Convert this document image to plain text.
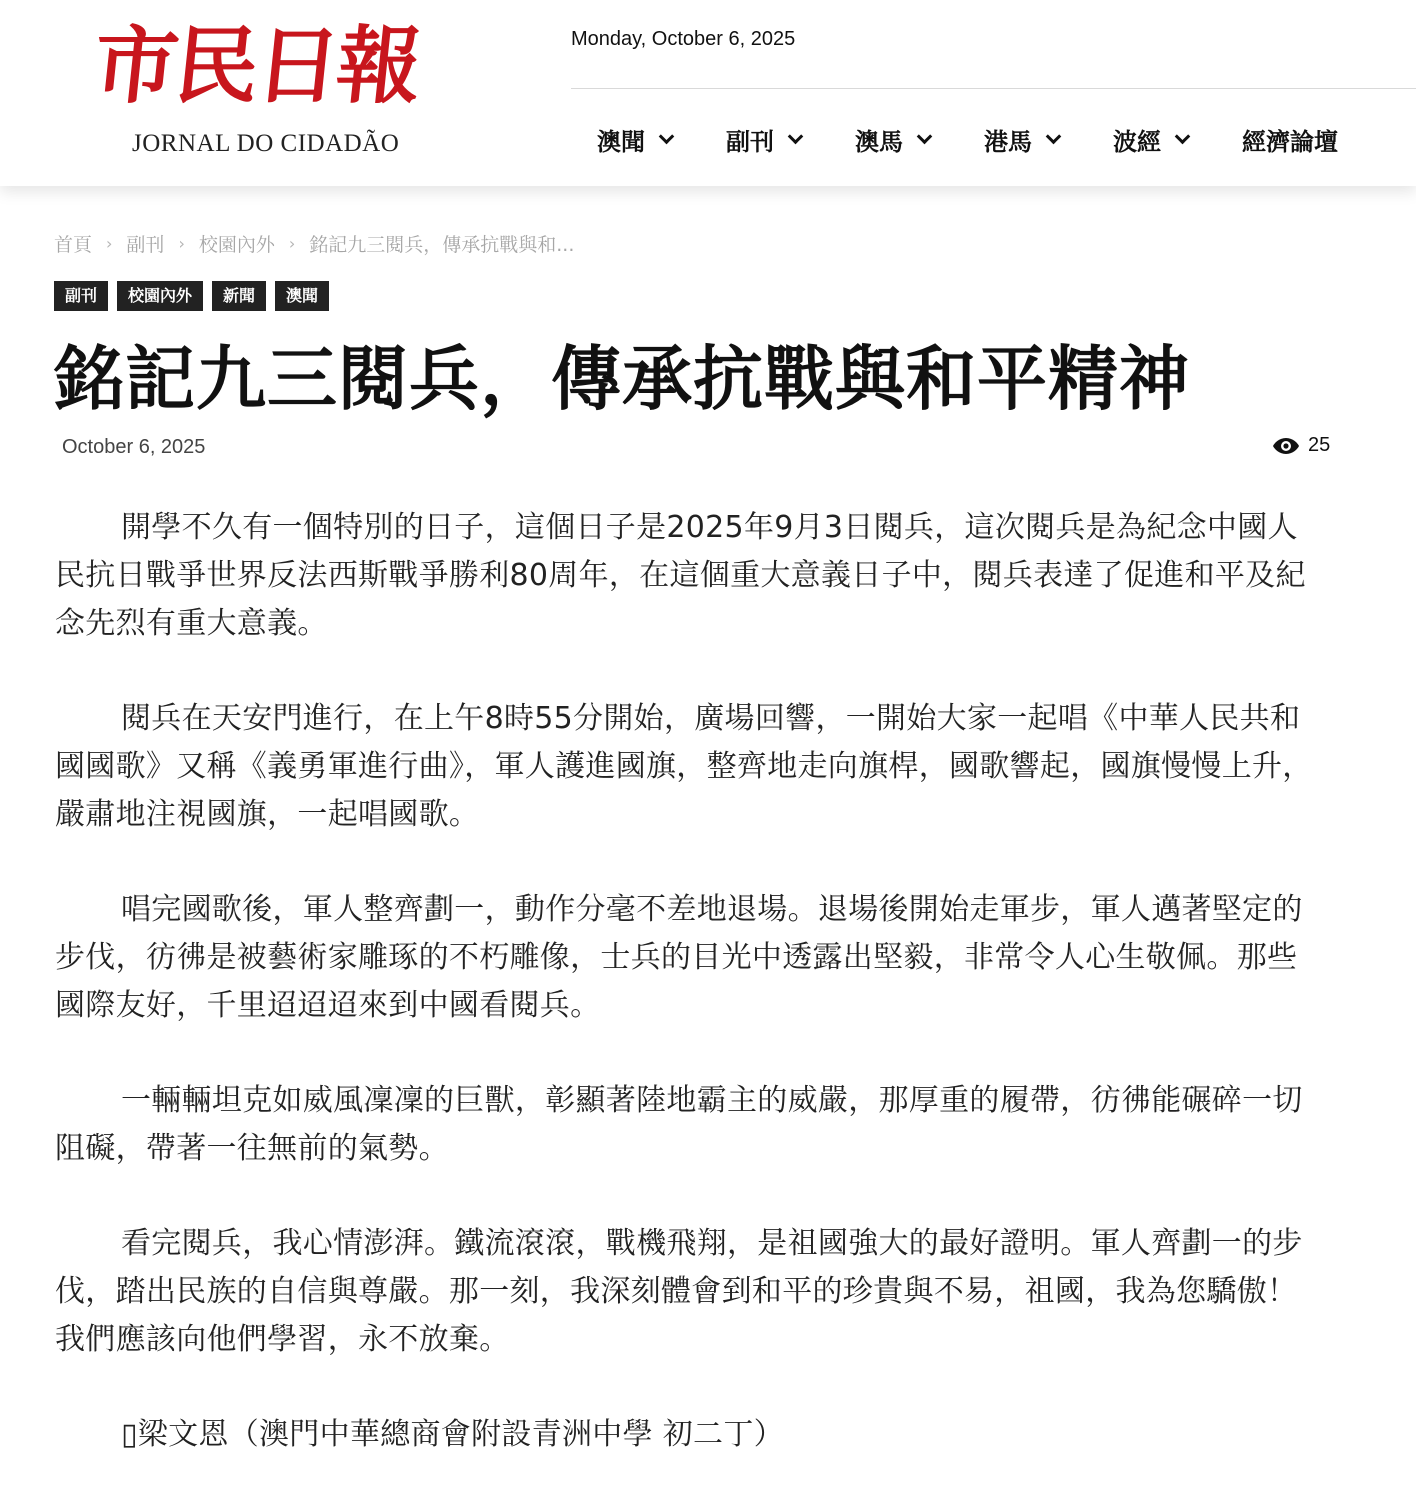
市民日報
JORNAL DO CIDADÃO
Monday, October 6, 2025
澳聞	副刊	澳馬	港馬	波經	經濟論壇
首頁 › 副刊 › 校園內外 › 銘記九三閱兵，傳承抗戰與和...
副刊	校園內外	新聞	澳聞
銘記九三閱兵，傳承抗戰與和平精神
October 6, 2025	25

開學不久有一個特別的日子，這個日子是2025年9月3日閱兵，這次閱兵是為紀念中國人民抗日戰爭世界反法西斯戰爭勝利80周年，在這個重大意義日子中，閱兵表達了促進和平及紀念先烈有重大意義。

閱兵在天安門進行，在上午8時55分開始，廣場回響，一開始大家一起唱《中華人民共和國國歌》又稱《義勇軍進行曲》，軍人護進國旗，整齊地走向旗桿，國歌響起，國旗慢慢上升，嚴肅地注視國旗，一起唱國歌。

唱完國歌後，軍人整齊劃一，動作分毫不差地退場。退場後開始走軍步，軍人邁著堅定的步伐，彷彿是被藝術家雕琢的不朽雕像，士兵的目光中透露出堅毅，非常令人心生敬佩。那些國際友好，千里迢迢迢來到中國看閱兵。

一輛輛坦克如威風凜凜的巨獸，彰顯著陸地霸主的威嚴，那厚重的履帶，彷彿能碾碎一切阻礙，帶著一往無前的氣勢。

看完閱兵，我心情澎湃。鐵流滾滾，戰機飛翔，是祖國強大的最好證明。軍人齊劃一的步伐，踏出民族的自信與尊嚴。那一刻，我深刻體會到和平的珍貴與不易，祖國，我為您驕傲！我們應該向他們學習，永不放棄。

▯梁文恩（澳門中華總商會附設青洲中學 初二丁）
